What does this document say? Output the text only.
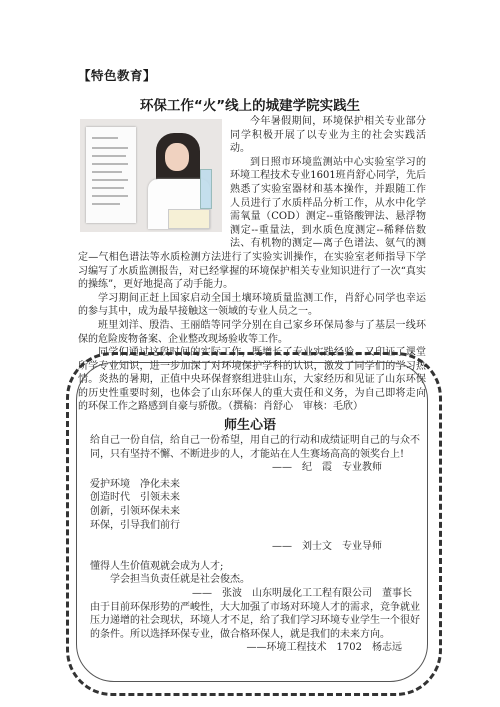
【特色教育】
环保工作“火”线上的城建学院实践生

今年暑假期间，环境保护相关专业部分同学积极开展了以专业为主的社会实践活动。

到日照市环境监测站中心实验室学习的环境工程技术专业1601班肖舒心同学，先后熟悉了实验室器材和基本操作，并跟随工作人员进行了水质样品分析工作，从水中化学需氧量（COD）测定--重铬酸钾法、悬浮物测定--重量法，到水质色度测定--稀释倍数法、有机物的测定—离子色谱法、氨气的测定—气相色谱法等水质检测方法进行了实验实训操作，在实验室老师指导下学习编写了水质监测报告，对已经掌握的环境保护相关专业知识进行了一次“真实的操练”，更好地提高了动手能力。

学习期间正赶上国家启动全国土壤环境质量监测工作，肖舒心同学也幸运的参与其中，成为最早接触这一领域的专业人员之一。

班里刘洋、殷浩、王丽皓等同学分别在自己家乡环保局参与了基层一线环保的危险废物备案、企业整改现场验收等工作。

同学们通过这段时间的实际工作，既增长了专业实践经验、又印证了课堂所学专业知识，进一步加深了对环境保护学科的认识，激发了同学们的学习热情。炎热的暑期，正值中央环保督察组进驻山东，大家经历和见证了山东环保的历史性重要时刻，也体会了山东环保人的重大责任和义务，为自己即将走向的环保工作之路感到自豪与骄傲。（撰稿：肖舒心　审核：毛欣）

师生心语
给自己一份自信，给自己一份希望，用自己的行动和成绩证明自己的与众不
同，只有坚持不懈、不断进步的人，才能站在人生赛场高高的领奖台上!
——　纪　霞　专业教师
爱护环境　净化未来
创造时代　引领未来
创新，引领环保未来
环保，引导我们前行
——　刘士文　专业导师
懂得人生价值观就会成为人才;
学会担当负责任就是社会俊杰。
——　张波　山东明晟化工工程有限公司　董事长
由于目前环保形势的严峻性，大大加强了市场对环境人才的需求，竞争就业
压力递增的社会现状，环境人才不足，给了我们学习环境专业学生一个很好
的条件。所以选择环保专业，做合格环保人，就是我们的未来方向。
——环境工程技术　1702　杨志远
